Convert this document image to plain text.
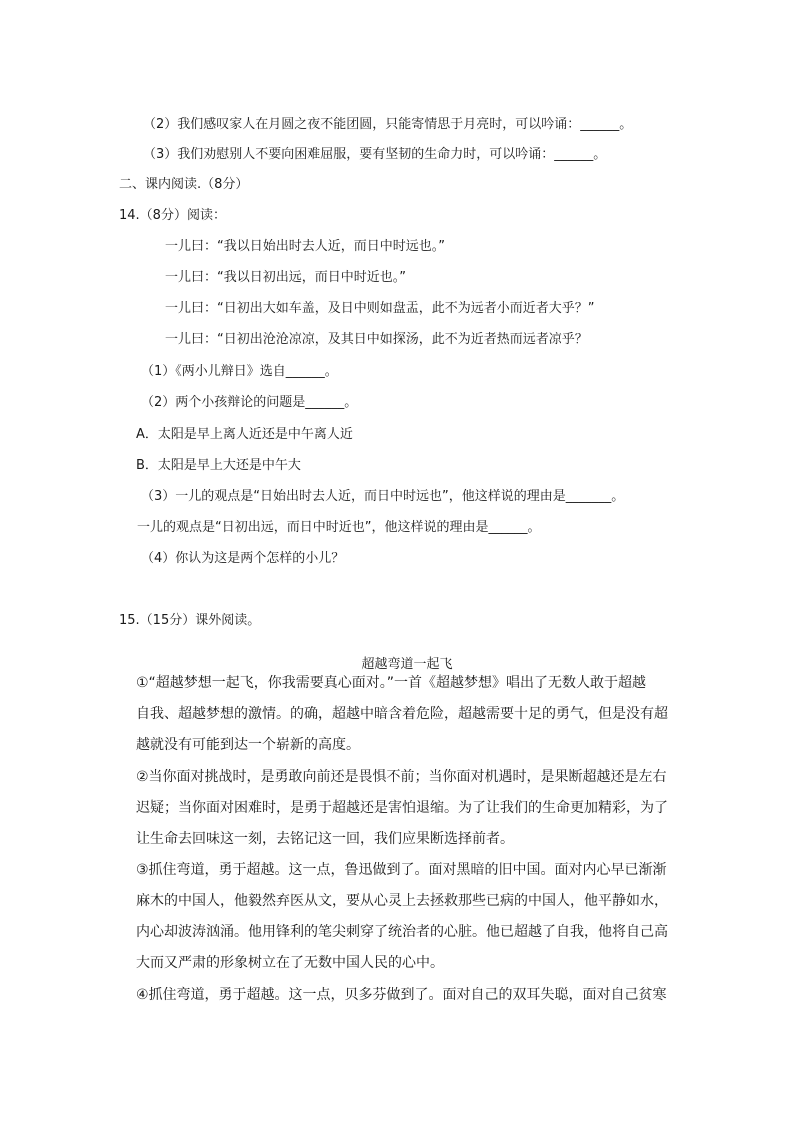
（2）我们感叹家人在月圆之夜不能团圆，只能寄情思于月亮时，可以吟诵：______。

（3）我们劝慰别人不要向困难屈服，要有坚韧的生命力时，可以吟诵：______。

二、课内阅读.（8分）

14.（8分）阅读：

一儿曰：“我以日始出时去人近，而日中时远也。”

一儿曰：“我以日初出远，而日中时近也。”

一儿曰：“日初出大如车盖，及日中则如盘盂，此不为远者小而近者大乎？”

一儿曰：“日初出沧沧凉凉，及其日中如探汤，此不为近者热而远者凉乎？

（1）《两小儿辩日》选自______。

（2）两个小孩辩论的问题是______。

A．太阳是早上离人近还是中午离人近

B．太阳是早上大还是中午大

（3）一儿的观点是“日始出时去人近，而日中时远也”，他这样说的理由是_______。

一儿的观点是“日初出远，而日中时近也”，他这样说的理由是______。

（4）你认为这是两个怎样的小儿？

15.（15分）课外阅读。

超越弯道一起飞

①“超越梦想一起飞，你我需要真心面对。”一首《超越梦想》唱出了无数人敢于超越

自我、超越梦想的激情。的确，超越中暗含着危险，超越需要十足的勇气，但是没有超

越就没有可能到达一个崭新的高度。

②当你面对挑战时，是勇敢向前还是畏惧不前；当你面对机遇时，是果断超越还是左右

迟疑；当你面对困难时，是勇于超越还是害怕退缩。为了让我们的生命更加精彩，为了

让生命去回味这一刻，去铭记这一回，我们应果断选择前者。

③抓住弯道，勇于超越。这一点，鲁迅做到了。面对黑暗的旧中国。面对内心早已渐渐

麻木的中国人，他毅然弃医从文，要从心灵上去拯救那些已病的中国人，他平静如水，

内心却波涛汹涌。他用锋利的笔尖刺穿了统治者的心脏。他已超越了自我，他将自己高

大而又严肃的形象树立在了无数中国人民的心中。

④抓住弯道，勇于超越。这一点，贝多芬做到了。面对自己的双耳失聪，面对自己贫寒
